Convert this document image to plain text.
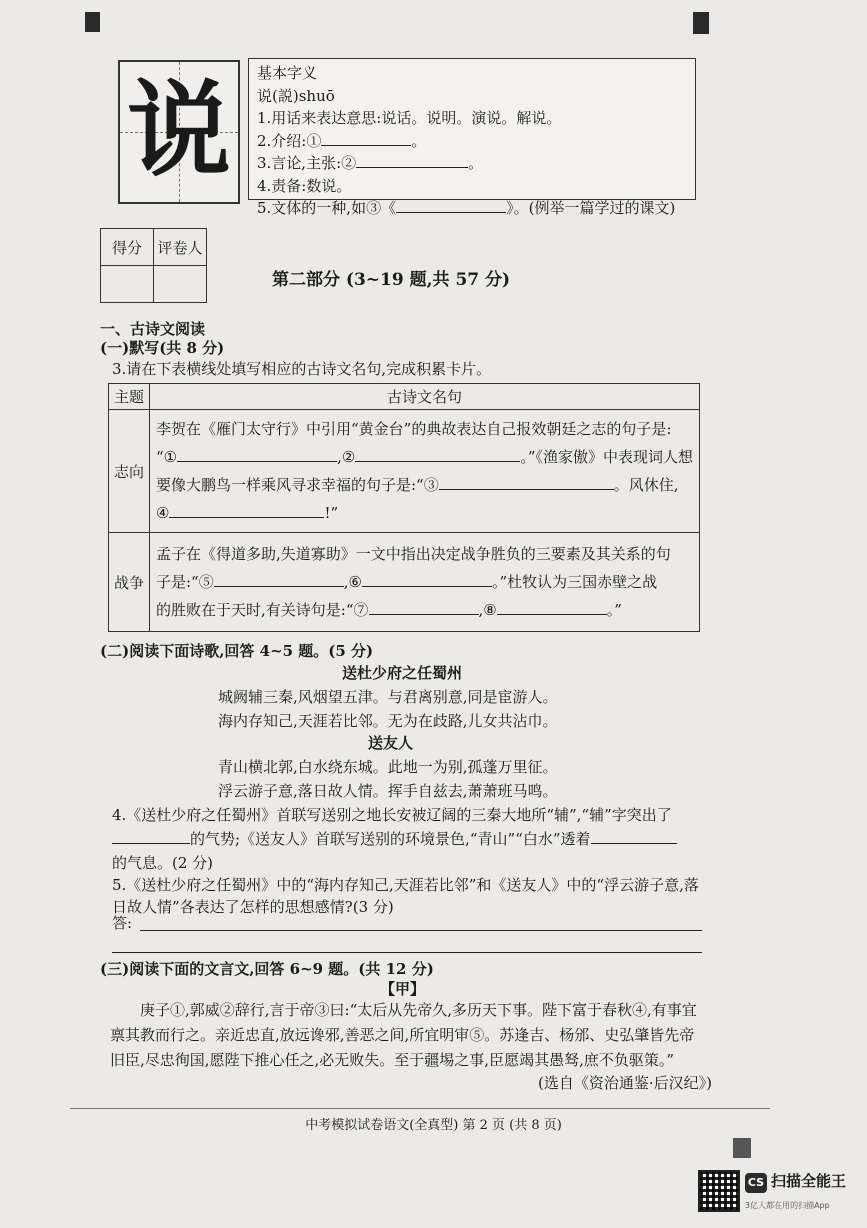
说	基本字义
说(説)shuō
1.用话来表达意思:说话。说明。演说。解说。
2.介绍:①	。
3.言论,主张:②	。
4.责备:数说。
5.文体的一种,如③《	》。(例举一篇学过的课文)
得分	评卷人

第二部分 (3~19 题,共 57 分)
一、古诗文阅读
(一)默写(共 8 分)
3.请在下表横线处填写相应的古诗文名句,完成积累卡片。
主题	古诗文名句
志向	李贺在《雁门太守行》中引用“黄金台”的典故表达自己报效朝廷之志的句子是:
“① ,② 。”《渔家傲》中表现词人想
要像大鹏鸟一样乘风寻求幸福的句子是:“③ 。风休住,
④ !”

战争	孟子在《得道多助,失道寡助》一文中指出决定战争胜负的三要素及其关系的句
子是:“⑤ ,⑥ 。”杜牧认为三国赤壁之战
的胜败在于天时,有关诗句是:“⑦ ,⑧ 。”
(二)阅读下面诗歌,回答 4~5 题。(5 分)
送杜少府之任蜀州
城阙辅三秦,风烟望五津。与君离别意,同是宦游人。
海内存知己,天涯若比邻。无为在歧路,儿女共沾巾。
送友人
青山横北郭,白水绕东城。此地一为别,孤蓬万里征。
浮云游子意,落日故人情。挥手自兹去,萧萧班马鸣。
4.《送杜少府之任蜀州》首联写送别之地长安被辽阔的三秦大地所“辅”,“辅”字突出了
的气势;《送友人》首联写送别的环境景色,“青山”“白水”透着
的气息。(2 分)
5.《送杜少府之任蜀州》中的“海内存知己,天涯若比邻”和《送友人》中的“浮云游子意,落
日故人情”各表达了怎样的思想感情?(3 分)
答:
(三)阅读下面的文言文,回答 6~9 题。(共 12 分)
【甲】
庚子①,郭威②辞行,言于帝③曰:“太后从先帝久,多历天下事。陛下富于春秋④,有事宜禀其教而行之。亲近忠直,放远谗邪,善恶之间,所宜明审⑤。苏逢吉、杨邠、史弘肇皆先帝旧臣,尽忠徇国,愿陛下推心任之,必无败失。至于疆埸之事,臣愿竭其愚驽,庶不负驱策。”
(选自《资治通鉴·后汉纪》)
中考模拟试卷语文(全真型) 第 2 页 (共 8 页)
CS 扫描全能王
3亿人都在用的扫描App
